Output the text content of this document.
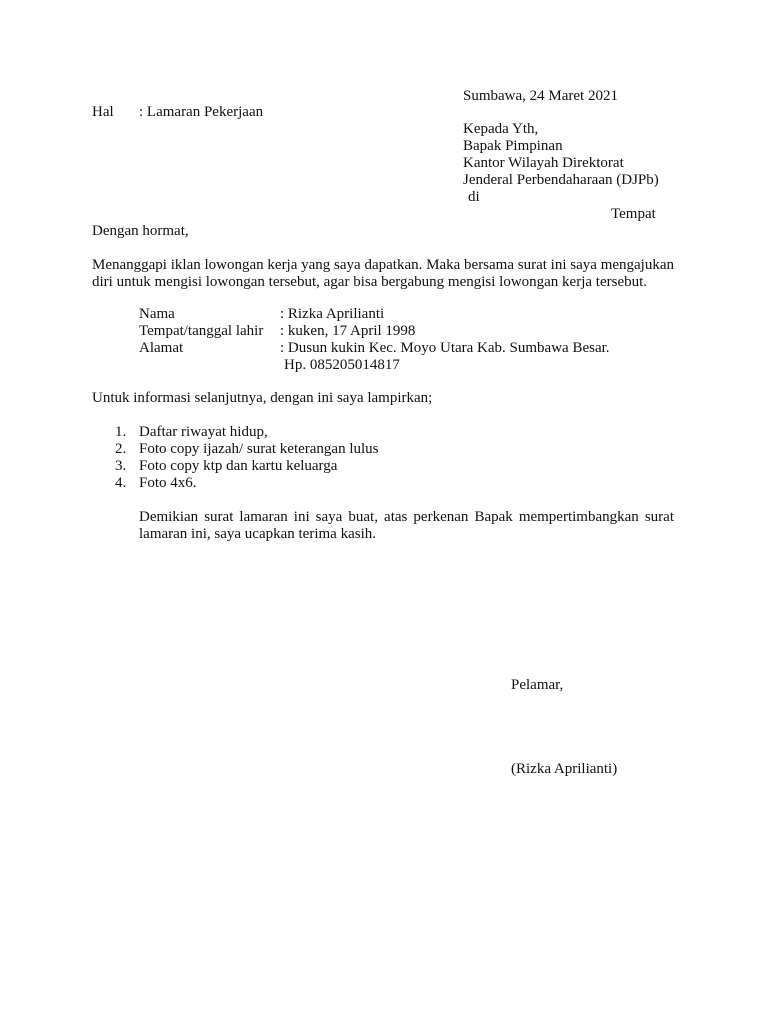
Sumbawa, 24 Maret 2021
Hal : Lamaran Pekerjaan
Kepada Yth,
Bapak Pimpinan
Kantor Wilayah Direktorat
Jenderal Perbendaharaan (DJPb)
di
Tempat
Dengan hormat,
Menanggapi iklan lowongan kerja yang saya dapatkan. Maka bersama surat ini saya mengajukan diri untuk mengisi lowongan tersebut, agar bisa bergabung mengisi lowongan kerja tersebut.
Nama	: Rizka Aprilianti
Tempat/tanggal lahir : kuken, 17 April 1998
Alamat	: Dusun kukin Kec. Moyo Utara Kab. Sumbawa Besar.
Hp. 085205014817
Untuk informasi selanjutnya, dengan ini saya lampirkan;
1. Daftar riwayat hidup,
2. Foto copy ijazah/ surat keterangan lulus
3. Foto copy ktp dan kartu keluarga
4. Foto 4x6.
Demikian surat lamaran ini saya buat, atas perkenan Bapak mempertimbangkan surat lamaran ini, saya ucapkan terima kasih.
Pelamar,
(Rizka Aprilianti)
